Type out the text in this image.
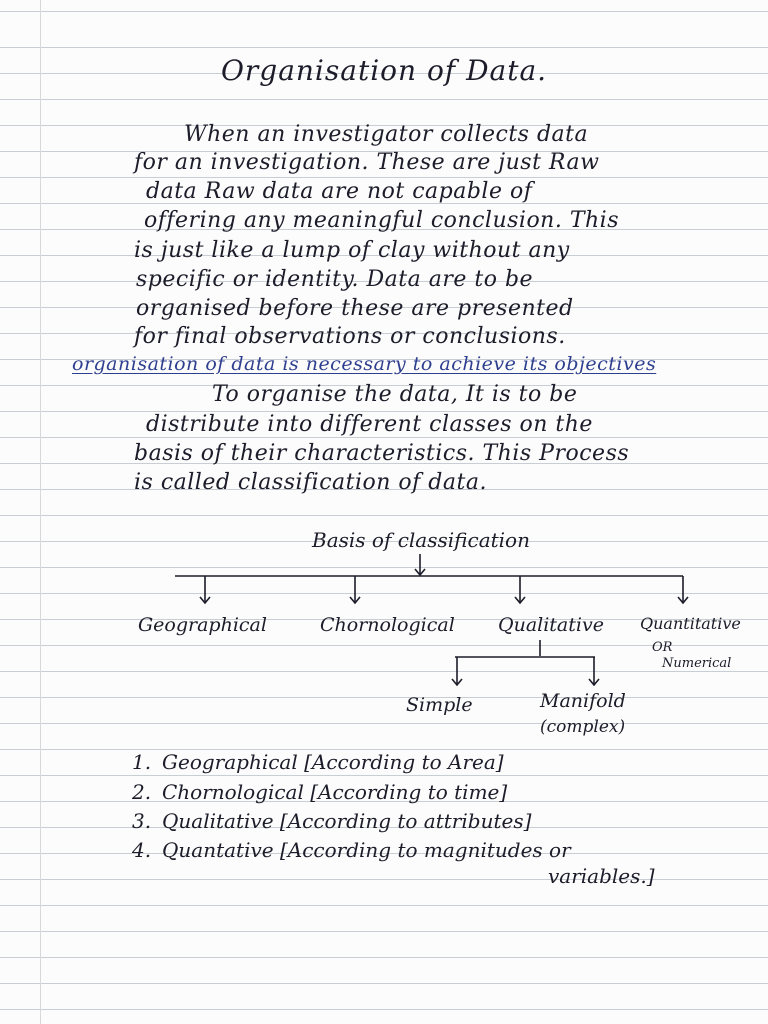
Organisation of Data.
When an investigator collects data
for an investigation. These are just Raw
data Raw data are not capable of
offering any meaningful conclusion. This
is just like a lump of clay without any
specific or identity. Data are to be
organised before these are presented
for final observations or conclusions.
organisation of data is necessary to achieve its objectives
To organise the data, It is to be
distribute into different classes on the
basis of their characteristics. This Process
is called classification of data.
Basis of classification
Geographical	Chornological Qualitative Quantitative
OR
Numerical
Simple	Manifold
(complex)
1. Geographical [According to Area]
2. Chornological [According to time]
3. Qualitative [According to attributes]
4. Quantative [According to magnitudes or
variables.]
